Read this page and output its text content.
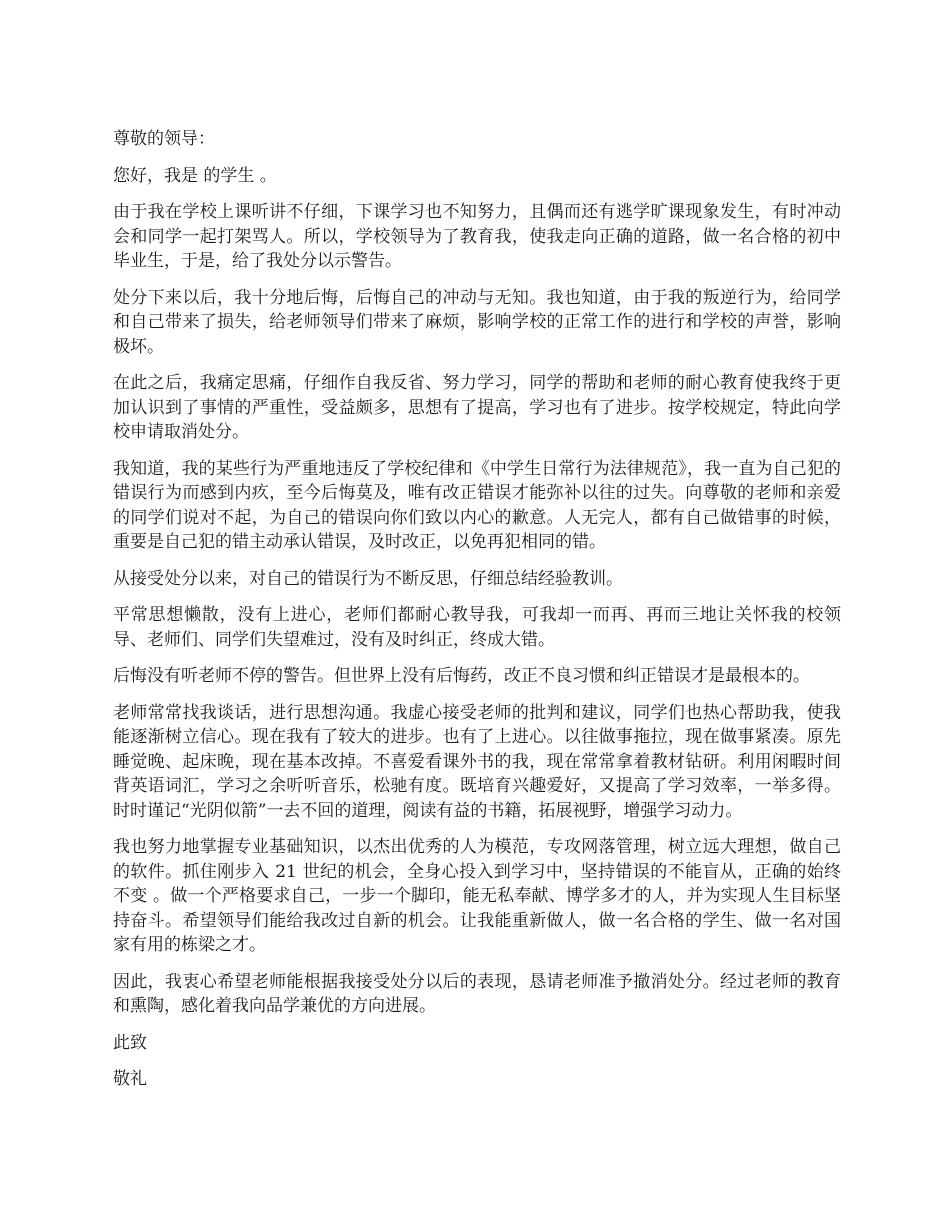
尊敬的领导：

您好，我是 的学生 。

由于我在学校上课听讲不仔细，下课学习也不知努力，且偶而还有逃学旷课现象发生，有时冲动会和同学一起打架骂人。所以，学校领导为了教育我，使我走向正确的道路，做一名合格的初中毕业生，于是，给了我处分以示警告。

处分下来以后，我十分地后悔，后悔自己的冲动与无知。我也知道，由于我的叛逆行为，给同学和自己带来了损失，给老师领导们带来了麻烦，影响学校的正常工作的进行和学校的声誉，影响极坏。

在此之后，我痛定思痛，仔细作自我反省、努力学习，同学的帮助和老师的耐心教育使我终于更加认识到了事情的严重性，受益颇多，思想有了提高，学习也有了进步。按学校规定，特此向学校申请取消处分。

我知道，我的某些行为严重地违反了学校纪律和《中学生日常行为法律规范》，我一直为自己犯的错误行为而感到内疚，至今后悔莫及，唯有改正错误才能弥补以往的过失。向尊敬的老师和亲爱的同学们说对不起，为自己的错误向你们致以内心的歉意。人无完人，都有自己做错事的时候，重要是自己犯的错主动承认错误，及时改正，以免再犯相同的错。

从接受处分以来，对自己的错误行为不断反思，仔细总结经验教训。

平常思想懒散，没有上进心，老师们都耐心教导我，可我却一而再、再而三地让关怀我的校领导、老师们、同学们失望难过，没有及时纠正，终成大错。

后悔没有听老师不停的警告。但世界上没有后悔药，改正不良习惯和纠正错误才是最根本的。

老师常常找我谈话，进行思想沟通。我虚心接受老师的批判和建议，同学们也热心帮助我，使我能逐渐树立信心。现在我有了较大的进步。也有了上进心。以往做事拖拉，现在做事紧凑。原先睡觉晚、起床晚，现在基本改掉。不喜爱看课外书的我，现在常常拿着教材钻研。利用闲暇时间背英语词汇，学习之余听听音乐，松驰有度。既培育兴趣爱好，又提高了学习效率，一举多得。时时谨记“光阴似箭”一去不回的道理，阅读有益的书籍，拓展视野，增强学习动力。

我也努力地掌握专业基础知识，以杰出优秀的人为模范，专攻网落管理，树立远大理想，做自己的软件。抓住刚步入 21 世纪的机会，全身心投入到学习中，坚持错误的不能盲从，正确的始终不变 。做一个严格要求自己，一步一个脚印，能无私奉献、博学多才的人，并为实现人生目标坚持奋斗。希望领导们能给我改过自新的机会。让我能重新做人，做一名合格的学生、做一名对国家有用的栋梁之才。

因此，我衷心希望老师能根据我接受处分以后的表现，恳请老师准予撤消处分。经过老师的教育和熏陶，感化着我向品学兼优的方向进展。

此致

敬礼
